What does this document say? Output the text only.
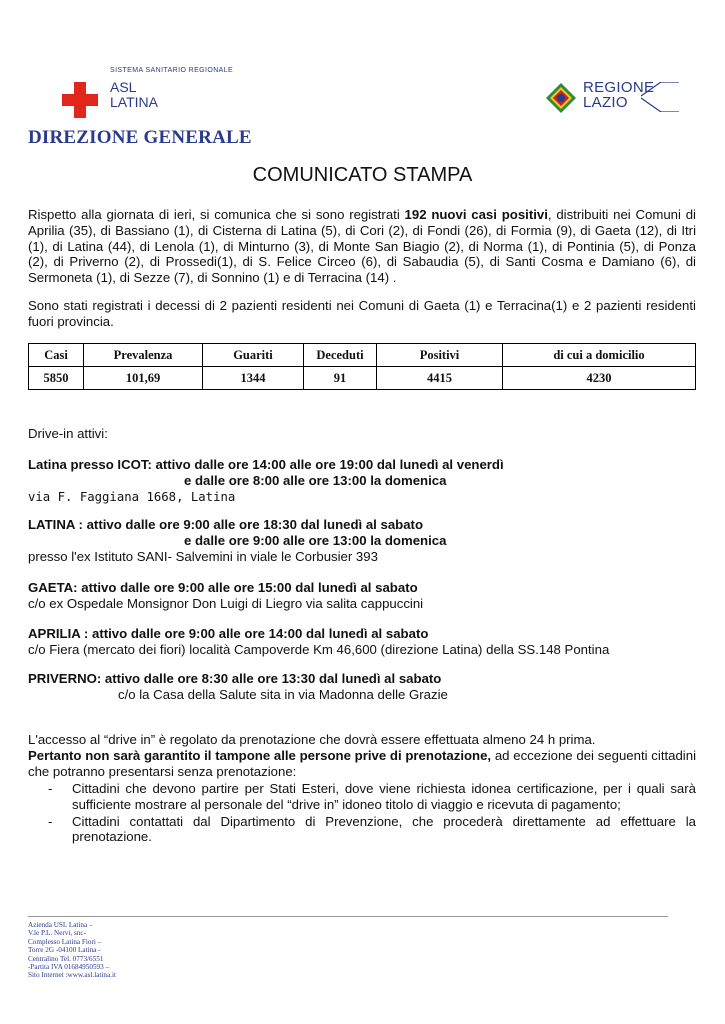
SISTEMA SANITARIO REGIONALE
ASL
LATINA
REGIONE
LAZIO
DIREZIONE GENERALE
COMUNICATO STAMPA
Rispetto alla giornata di ieri, si comunica che si sono registrati 192 nuovi casi positivi, distribuiti nei Comuni di Aprilia (35), di Bassiano (1), di Cisterna di Latina (5), di Cori (2), di Fondi (26), di Formia (9), di Gaeta (12), di Itri (1), di Latina (44), di Lenola (1), di Minturno (3), di Monte San Biagio (2), di Norma (1), di Pontinia (5), di Ponza (2), di Priverno (2), di Prossedi(1), di S. Felice Circeo (6), di Sabaudia (5), di Santi Cosma e Damiano (6), di Sermoneta (1), di Sezze (7), di Sonnino (1) e di Terracina (14) .
Sono stati registrati i decessi di 2 pazienti residenti nei Comuni di Gaeta (1) e Terracina(1) e 2 pazienti residenti fuori provincia.
Casi	Prevalenza	Guariti	Deceduti	Positivi	di cui a domicilio
5850	101,69	1344	91	4415	4230
Drive-in attivi:
Latina presso ICOT: attivo dalle ore 14:00 alle ore 19:00 dal lunedì al venerdì
e dalle ore 8:00 alle ore 13:00 la domenica
via F. Faggiana 1668, Latina
LATINA : attivo dalle ore 9:00 alle ore 18:30 dal lunedì al sabato
e dalle ore 9:00 alle ore 13:00 la domenica
presso l'ex Istituto SANI- Salvemini in viale le Corbusier 393
GAETA: attivo dalle ore 9:00 alle ore 15:00 dal lunedì al sabato
c/o ex Ospedale Monsignor Don Luigi di Liegro via salita cappuccini
APRILIA : attivo dalle ore 9:00 alle ore 14:00 dal lunedì al sabato
c/o Fiera (mercato dei fiori) località Campoverde Km 46,600 (direzione Latina) della SS.148 Pontina
PRIVERNO: attivo dalle ore 8:30 alle ore 13:30 dal lunedì al sabato
c/o la Casa della Salute sita in via Madonna delle Grazie
L'accesso al “drive in” è regolato da prenotazione che dovrà essere effettuata almeno 24 h prima.
Pertanto non sarà garantito il tampone alle persone prive di prenotazione, ad eccezione dei seguenti cittadini che potranno presentarsi senza prenotazione:
- Cittadini che devono partire per Stati Esteri, dove viene richiesta idonea certificazione, per i quali sarà sufficiente mostrare al personale del “drive in” idoneo titolo di viaggio e ricevuta di pagamento;
- Cittadini contattati dal Dipartimento di Prevenzione, che procederà direttamente ad effettuare la prenotazione.
Azienda USL Latina –
V.le P.L. Nervi, snc-
Complesso Latina Fiori –
Torre 2G -04100 Latina -
Centralino Tel. 0773/6551
-Partita IVA 01684950593 –
Sito Internet :www.asl.latina.it
